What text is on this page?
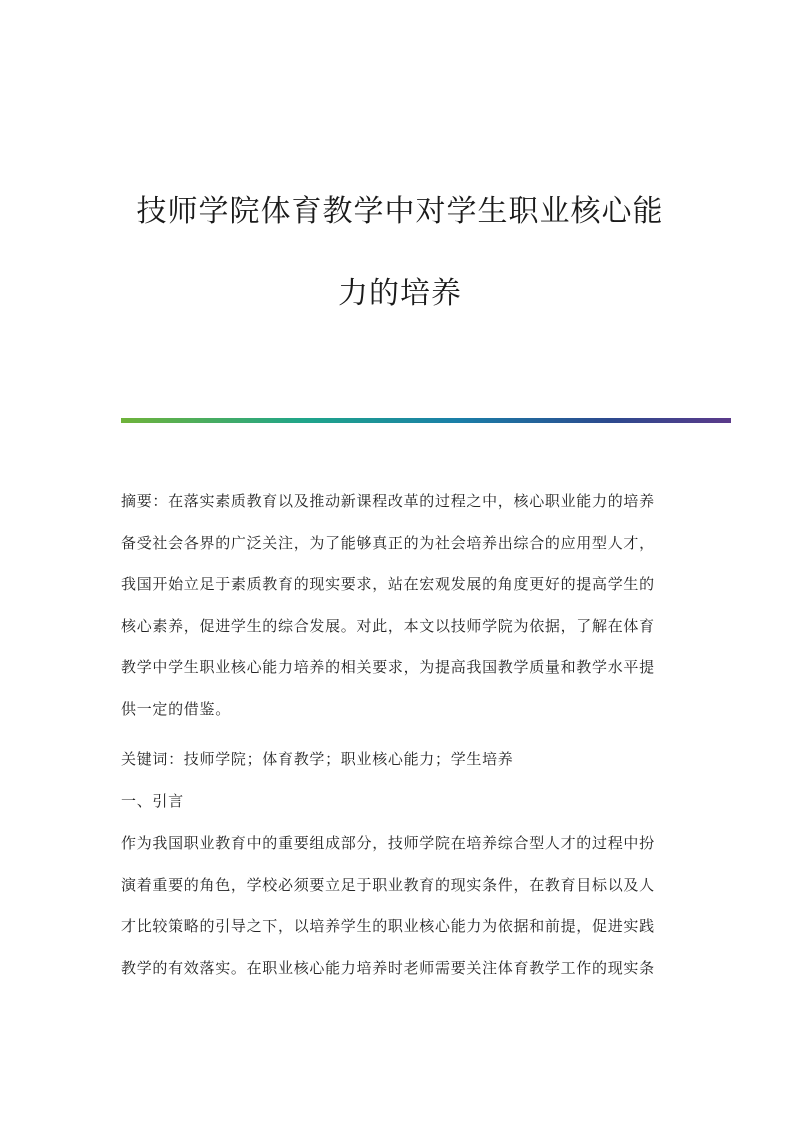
技师学院体育教学中对学生职业核心能
力的培养
摘要：在落实素质教育以及推动新课程改革的过程之中，核心职业能力的培养
备受社会各界的广泛关注，为了能够真正的为社会培养出综合的应用型人才，
我国开始立足于素质教育的现实要求，站在宏观发展的角度更好的提高学生的
核心素养，促进学生的综合发展。对此，本文以技师学院为依据，了解在体育
教学中学生职业核心能力培养的相关要求，为提高我国教学质量和教学水平提
供一定的借鉴。
关键词：技师学院；体育教学；职业核心能力；学生培养
一、引言
作为我国职业教育中的重要组成部分，技师学院在培养综合型人才的过程中扮
演着重要的角色，学校必须要立足于职业教育的现实条件，在教育目标以及人
才比较策略的引导之下，以培养学生的职业核心能力为依据和前提，促进实践
教学的有效落实。在职业核心能力培养时老师需要关注体育教学工作的现实条
